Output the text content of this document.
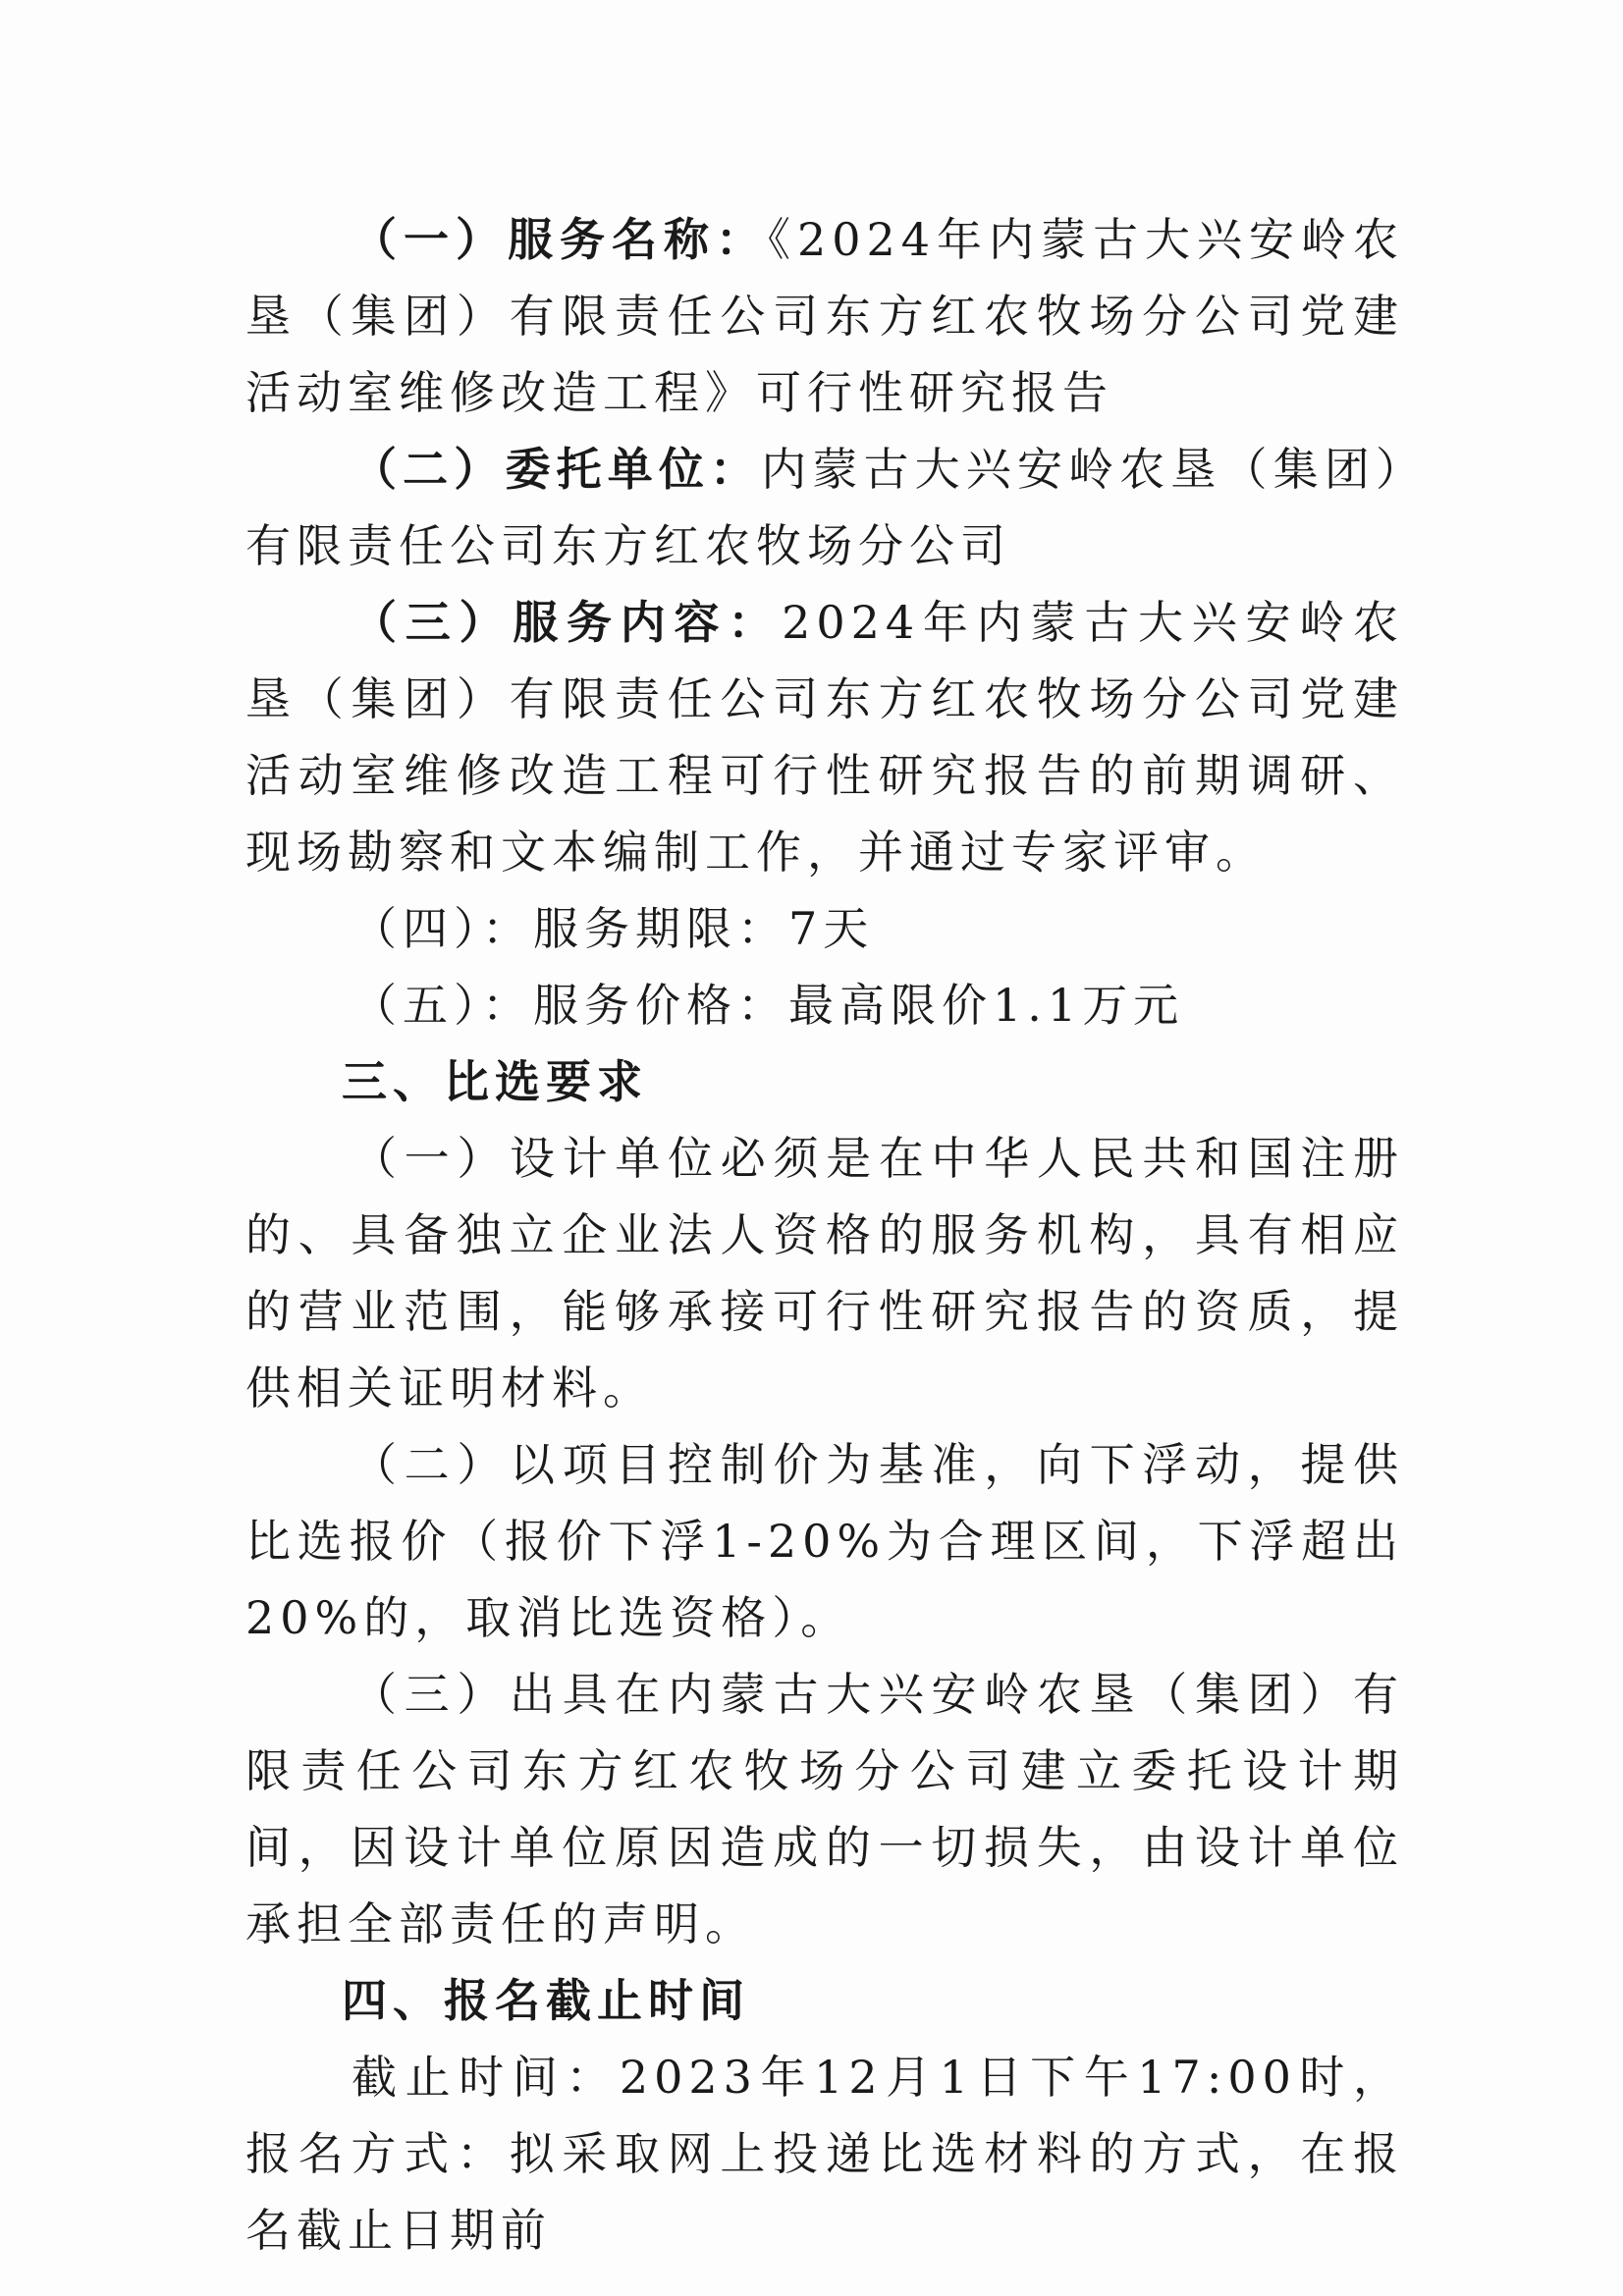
（一）服务名称：《2024年内蒙古大兴安岭农垦（集团）有限责任公司东方红农牧场分公司党建活动室维修改造工程》可行性研究报告

（二）委托单位：内蒙古大兴安岭农垦（集团）有限责任公司东方红农牧场分公司

（三）服务内容：2024年内蒙古大兴安岭农垦（集团）有限责任公司东方红农牧场分公司党建活动室维修改造工程可行性研究报告的前期调研、现场勘察和文本编制工作，并通过专家评审。

（四）：服务期限：7天

（五）：服务价格：最高限价1.1万元

三、比选要求

（一）设计单位必须是在中华人民共和国注册的、具备独立企业法人资格的服务机构，具有相应的营业范围，能够承接可行性研究报告的资质，提供相关证明材料。

（二）以项目控制价为基准，向下浮动，提供比选报价（报价下浮1-20%为合理区间，下浮超出20%的，取消比选资格）。

（三）出具在内蒙古大兴安岭农垦（集团）有限责任公司东方红农牧场分公司建立委托设计期间，因设计单位原因造成的一切损失，由设计单位承担全部责任的声明。

四、报名截止时间

截止时间：2023年12月1日下午17:00时，报名方式：拟采取网上投递比选材料的方式，在报名截止日期前
